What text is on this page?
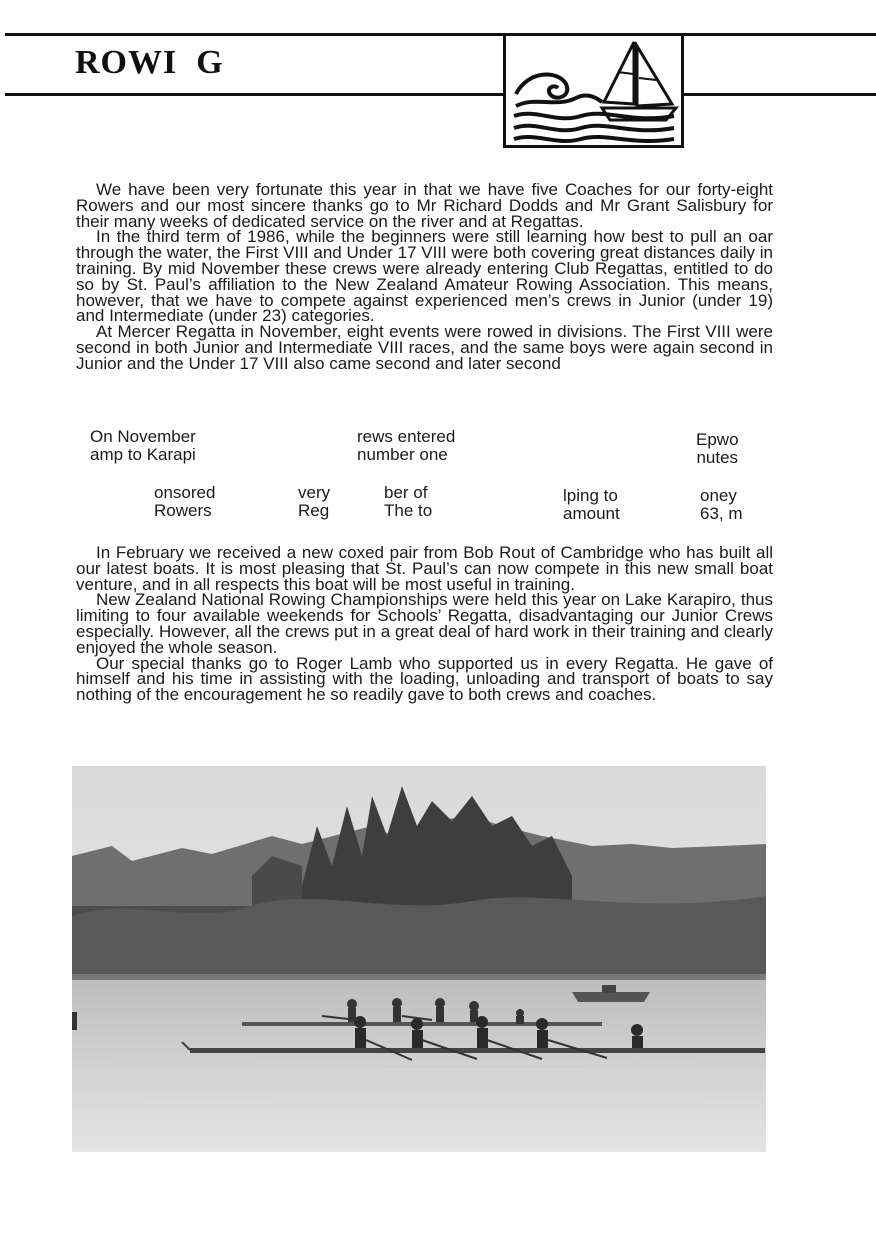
ROWI  G

We have been very fortunate this year in that we have five Coaches for our forty-eight Rowers and our most sincere thanks go to Mr Richard Dodds and Mr Grant Salisbury for their many weeks of dedicated service on the river and at Regattas.

In the third term of 1986, while the beginners were still learning how best to pull an oar through the water, the First VIII and Under 17 VIII were both covering great distances daily in training. By mid November these crews were already entering Club Regattas, entitled to do so by St. Paul’s affiliation to the New Zealand Amateur Rowing Association. This means, however, that we have to compete against experienced men’s crews in Junior (under 19) and Intermediate (under 23) categories.

At Mercer Regatta in November, eight events were rowed in divisions. The First VIII were second in both Junior and Intermediate VIII races, and the same boys were again second in Junior and the Under 17 VIII also came second and later second

On November
amp to Karapi
rews entered
number one
Epwo
nutes
onsored
Rowers
very
Reg
ber of
The to
lping to
amount
oney
63, m

In February we received a new coxed pair from Bob Rout of Cambridge who has built all our latest boats. It is most pleasing that St. Paul’s can now compete in this new small boat venture, and in all respects this boat will be most useful in training.

New Zealand National Rowing Championships were held this year on Lake Karapiro, thus limiting to four available weekends for Schools’ Regatta, disadvantaging our Junior Crews especially. However, all the crews put in a great deal of hard work in their training and clearly enjoyed the whole season.

Our special thanks go to Roger Lamb who supported us in every Regatta. He gave of himself and his time in assisting with the loading, unloading and transport of boats to say nothing of the encouragement he so readily gave to both crews and coaches.
